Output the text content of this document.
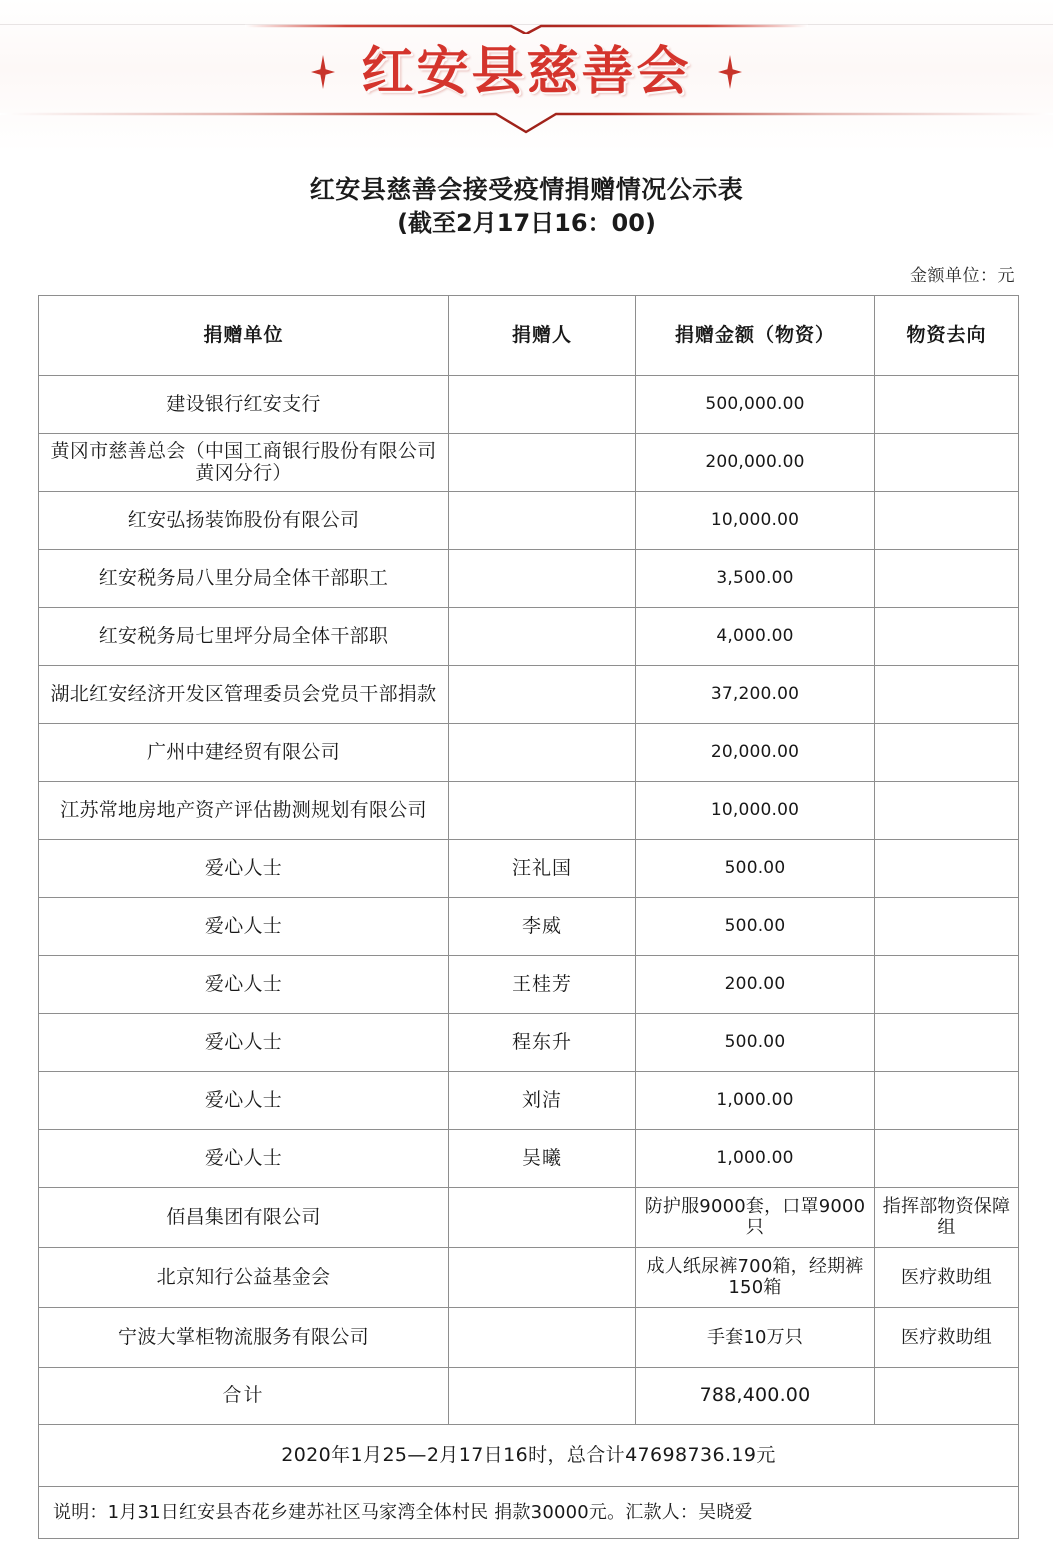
红安县慈善会
红安县慈善会接受疫情捐赠情况公示表
(截至2月17日16：00)
金额单位：元
捐赠单位	捐赠人	捐赠金额（物资）	物资去向
建设银行红安支行		500,000.00	
黄冈市慈善总会（中国工商银行股份有限公司黄冈分行）		200,000.00	
红安弘扬装饰股份有限公司		10,000.00	
红安税务局八里分局全体干部职工		3,500.00	
红安税务局七里坪分局全体干部职		4,000.00	
湖北红安经济开发区管理委员会党员干部捐款		37,200.00	
广州中建经贸有限公司		20,000.00	
江苏常地房地产资产评估勘测规划有限公司		10,000.00	
爱心人士	汪礼国	500.00	
爱心人士	李威	500.00	
爱心人士	王桂芳	200.00	
爱心人士	程东升	500.00	
爱心人士	刘洁	1,000.00	
爱心人士	吴曦	1,000.00	
佰昌集团有限公司		防护服9000套，口罩9000只	指挥部物资保障组
北京知行公益基金会		成人纸尿裤700箱，经期裤150箱	医疗救助组
宁波大掌柜物流服务有限公司		手套10万只	医疗救助组
合计		788,400.00	
2020年1月25—2月17日16时，总合计47698736.19元			
说明：1月31日红安县杏花乡建苏社区马家湾全体村民 捐款30000元。汇款人：吴晓爱			
